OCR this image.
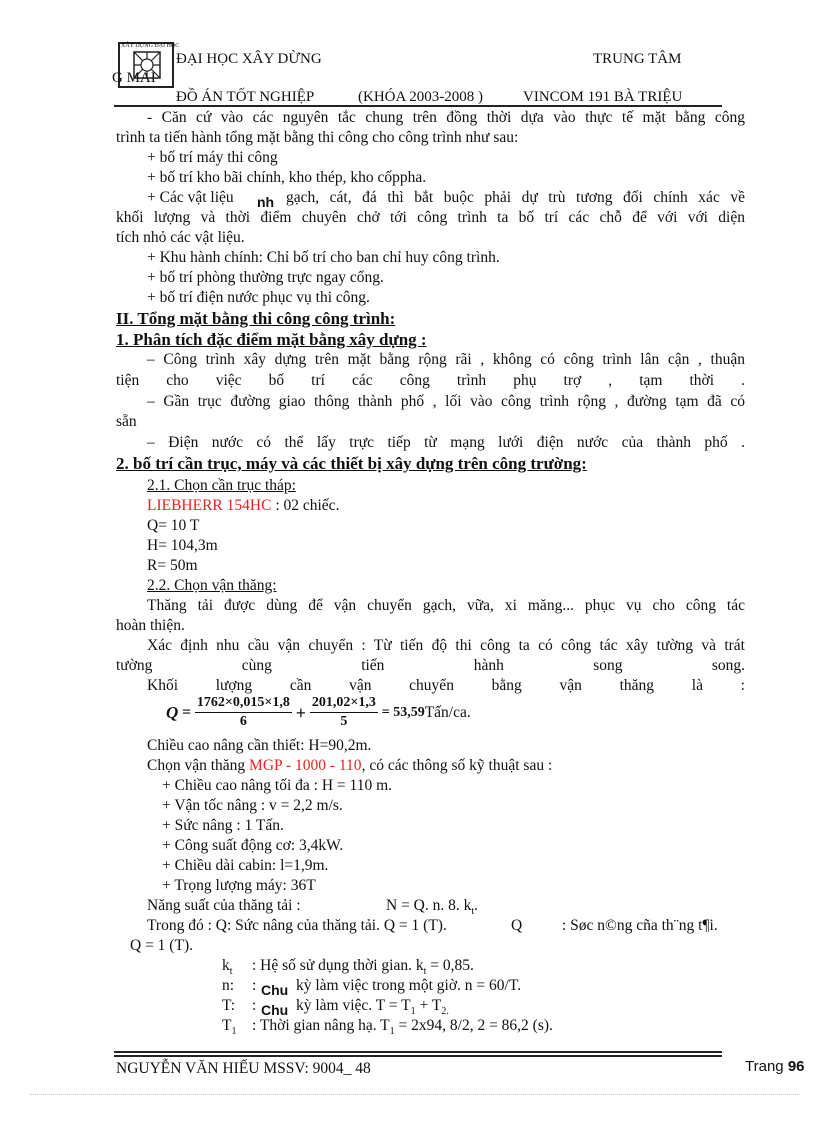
XÂY DỰNG ĐẠI HỌC
ĐẠI HỌC XÂY DỪNG	TRUNG TÂM
G MAI
ĐỒ ÁN TỐT NGHIỆP	(KHÓA 2003-2008 )	VINCOM 191 BÀ TRIỆU
- Căn cứ vào các nguyên tắc chung trên đồng thời dựa vào thực tế mặt bằng công
trình ta tiến hành tổng mặt bằng thi công cho công trình như sau:
+ bố trí máy thi công
+ bố trí kho bãi chính, kho thép, kho cốppha.
+ Các vật liệu nh gạch, cát, đá thì bắt buộc phải dự trù tương đối chính xác về
khối lượng và thời điểm chuyên chở tới công trình ta bố trí các chỗ để với với diện
tích nhỏ các vật liệu.
+ Khu hành chính: Chỉ bố trí cho ban chỉ huy công trình.
+ bố trí phòng thường trực ngay cổng.
+ bố trí điện nước phục vụ thi công.
II. Tổng mặt bằng thi công công trình:
1. Phân tích đặc điểm mặt bằng xây dựng :
– Công trình xây dựng trên mặt bằng rộng rãi , không có công trình lân cận , thuận
tiện cho việc bố trí các công trình phụ trợ , tạm thời .
– Gần trục đường giao thông thành phố , lối vào công trình rộng , đường tạm đã có
sẵn
– Điện nước có thể lấy trực tiếp từ mạng lưới điện nước của thành phố .
2. bố trí cần trục, máy và các thiết bị xây dựng trên công trường:
2.1. Chọn cần trục tháp:
LIEBHERR 154HC : 02 chiếc.
Q= 10 T
H= 104,3m
R= 50m
2.2. Chọn vận thăng:
Thăng tải được dùng để vận chuyển gạch, vữa, xi măng... phục vụ cho công tác
hoàn thiện.
Xác định nhu cầu vận chuyển : Từ tiến độ thi công ta có công tác xây tường và trát
tường cùng tiến hành song song.
Khối lượng cần vận chuyển bằng vận thăng là :
$Q = \frac{1762\times 0,015\times 1,8}{6} + \frac{201,02\times 1,3}{5}$ = 53,59Tấn/ca.
Chiều cao nâng cần thiết: H=90,2m.
Chọn vận thăng MGP - 1000 - 110, có các thông số kỹ thuật sau :
+ Chiều cao nâng tối đa : H = 110 m.
+ Vận tốc nâng : v = 2,2 m/s.
+ Sức nâng : 1 Tấn.
+ Công suất động cơ: 3,4kW.
+ Chiều dài cabin: l=1,9m.
+ Trọng lượng máy: 36T
Năng suất của thăng tải :	N = Q. n. 8. $k_t$.
Trong đó : Q: Sức nâng của thăng tải. Q = 1 (T).	Q	: Søc n©ng cña th¨ng t¶i.
Q = 1 (T).
$k_t$ : Hệ số sử dụng thời gian. $k_t = 0,85$.
n: : Chu kỳ làm việc trong một giờ. n = 60/T.
T: : Chu kỳ làm việc. $T = T_1 + T_{2.}$
$T_1$ : Thời gian nâng hạ. $T_1 = 2x94$, 8/2, 2 = 86,2 (s).
NGUYỄN VĂN HIẾU MSSV: 9004_ 48	Trang 96
